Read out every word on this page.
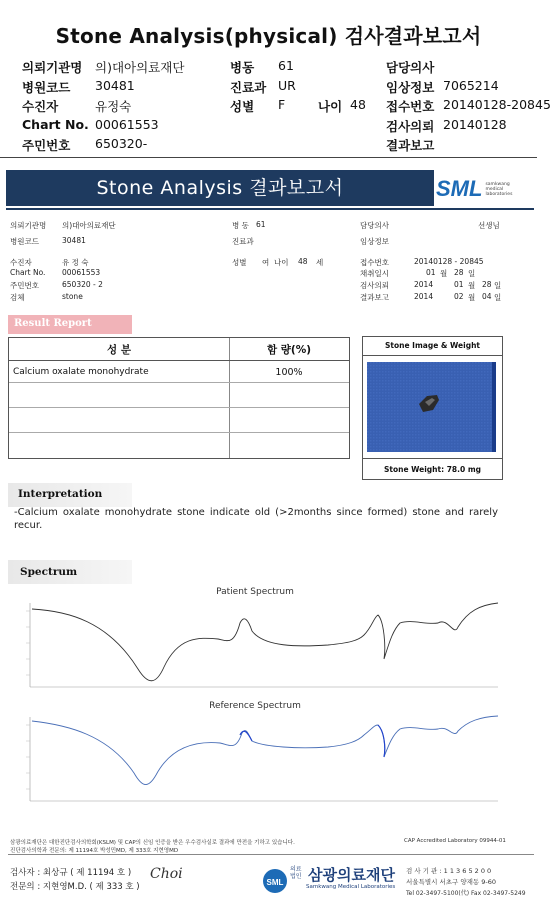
Stone Analysis(physical) 검사결과보고서
의뢰기관명 의)대아의료재단
병원코드 30481
수진자	유정숙
Chart No. 00061553
주민번호 650320-
병동 61
진료과 UR
성별 F	나이 48
담당의사
임상정보 7065214
접수번호 20140128-20845
검사의뢰 20140128
결과보고
Stone Analysis 결과보고서	SML samkwang
medical
laboratories
의뢰기관명 의)대아의료재단
병원코드	30481
수진자	유 정 숙
Chart No. 00061553
주민번호	650320 - 2
검체	stone
병 동 61
진료과
성별 여 나이 48 세
담당의사	선생님
임상정보
접수번호	20140128 - 20845
채취일시	01 월 28 일
검사의뢰	2014	01 월 28 일
결과보고	2014	02 월 04 일
Result Report
성 분	함 량(%)
Calcium oxalate monohydrate	100%
Stone Image & Weight
Stone Weight: 78.0 mg
Interpretation
-Calcium oxalate monohydrate stone indicate old (>2months since formed) stone and rarely recur.
Spectrum
Patient Spectrum
Reference Spectrum
삼광의료재단은 대한진단검사의학회(KSLM) 및 CAP의 신임 인증을 받은 우수검사실로 결과에 만전을 기하고 있습니다.
진단검사의학과 전문의: 제 11194호 박성민MD, 제 333호 지현영MD
CAP Accredited Laboratory 09944-01
검사자 : 최상규 ( 제 11194 호 )
전문의 : 지현영M.D. ( 제 333 호 )
Choi
SML
의료법인 삼광의료재단
Samkwang Medical Laboratories
검 사 기 관 : 1 1 3 6 5 2 0 0
서울특별시 서초구 양재동 9-60
Tel 02-3497-5100(代) Fax 02-3497-5249
